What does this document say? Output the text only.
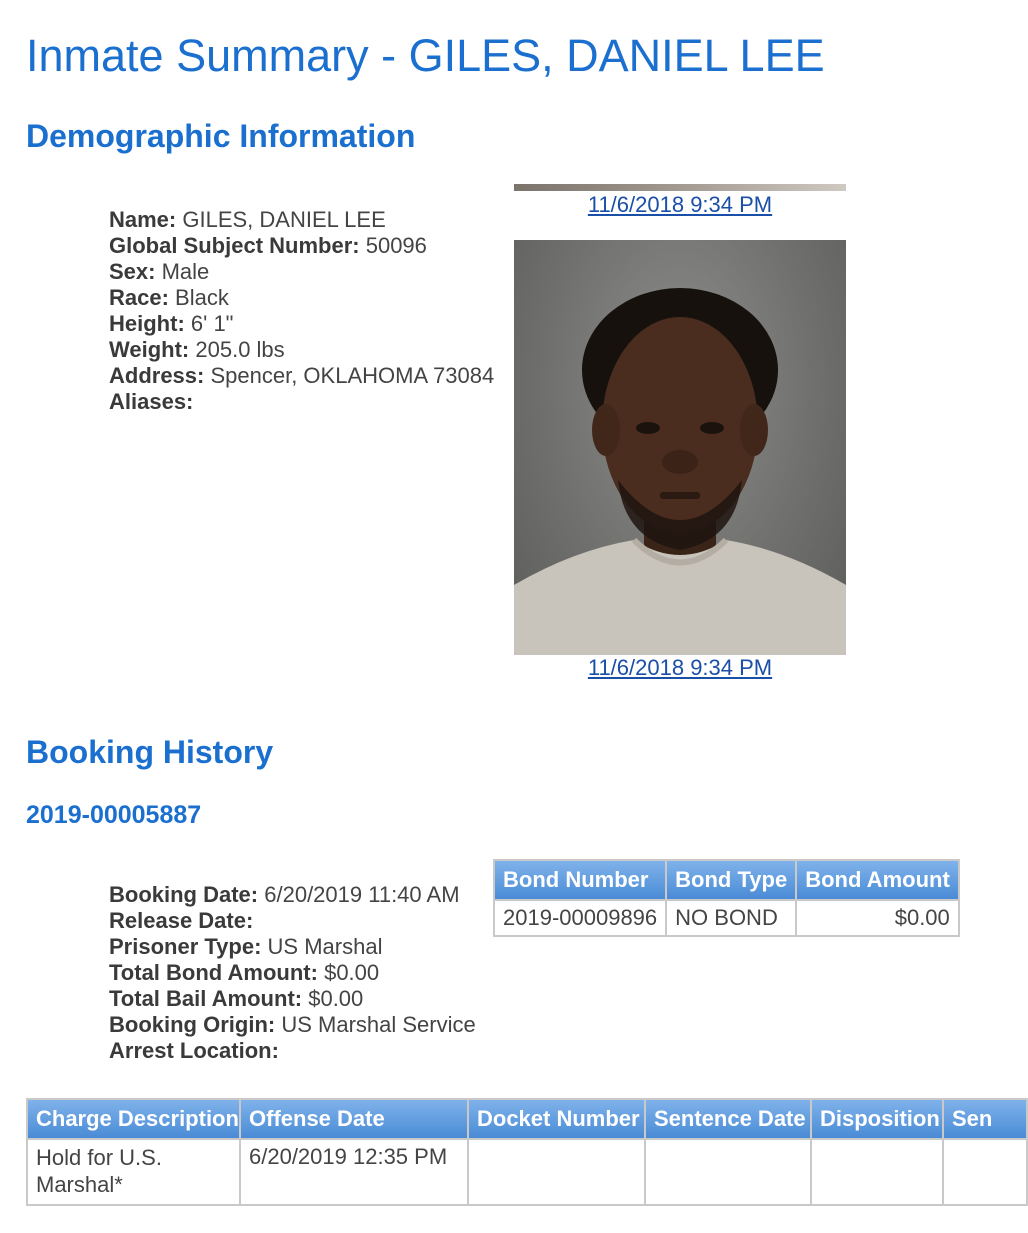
Inmate Summary - GILES, DANIEL LEE
Demographic Information
Name: GILES, DANIEL LEE
Global Subject Number: 50096
Sex: Male
Race: Black
Height: 6' 1"
Weight: 205.0 lbs
Address: Spencer, OKLAHOMA 73084
Aliases:
11/6/2018 9:34 PM
11/6/2018 9:34 PM
Booking History
2019-00005887
Booking Date: 6/20/2019 11:40 AM
Release Date:
Prisoner Type: US Marshal
Total Bond Amount: $0.00
Total Bail Amount: $0.00
Booking Origin: US Marshal Service
Arrest Location:
Bond Number	Bond Type	Bond Amount
2019-00009896	NO BOND	$0.00
Charge Description	Offense Date	Docket Number	Sentence Date	Disposition	Sen
Hold for U.S. Marshal*	6/20/2019 12:35 PM				
